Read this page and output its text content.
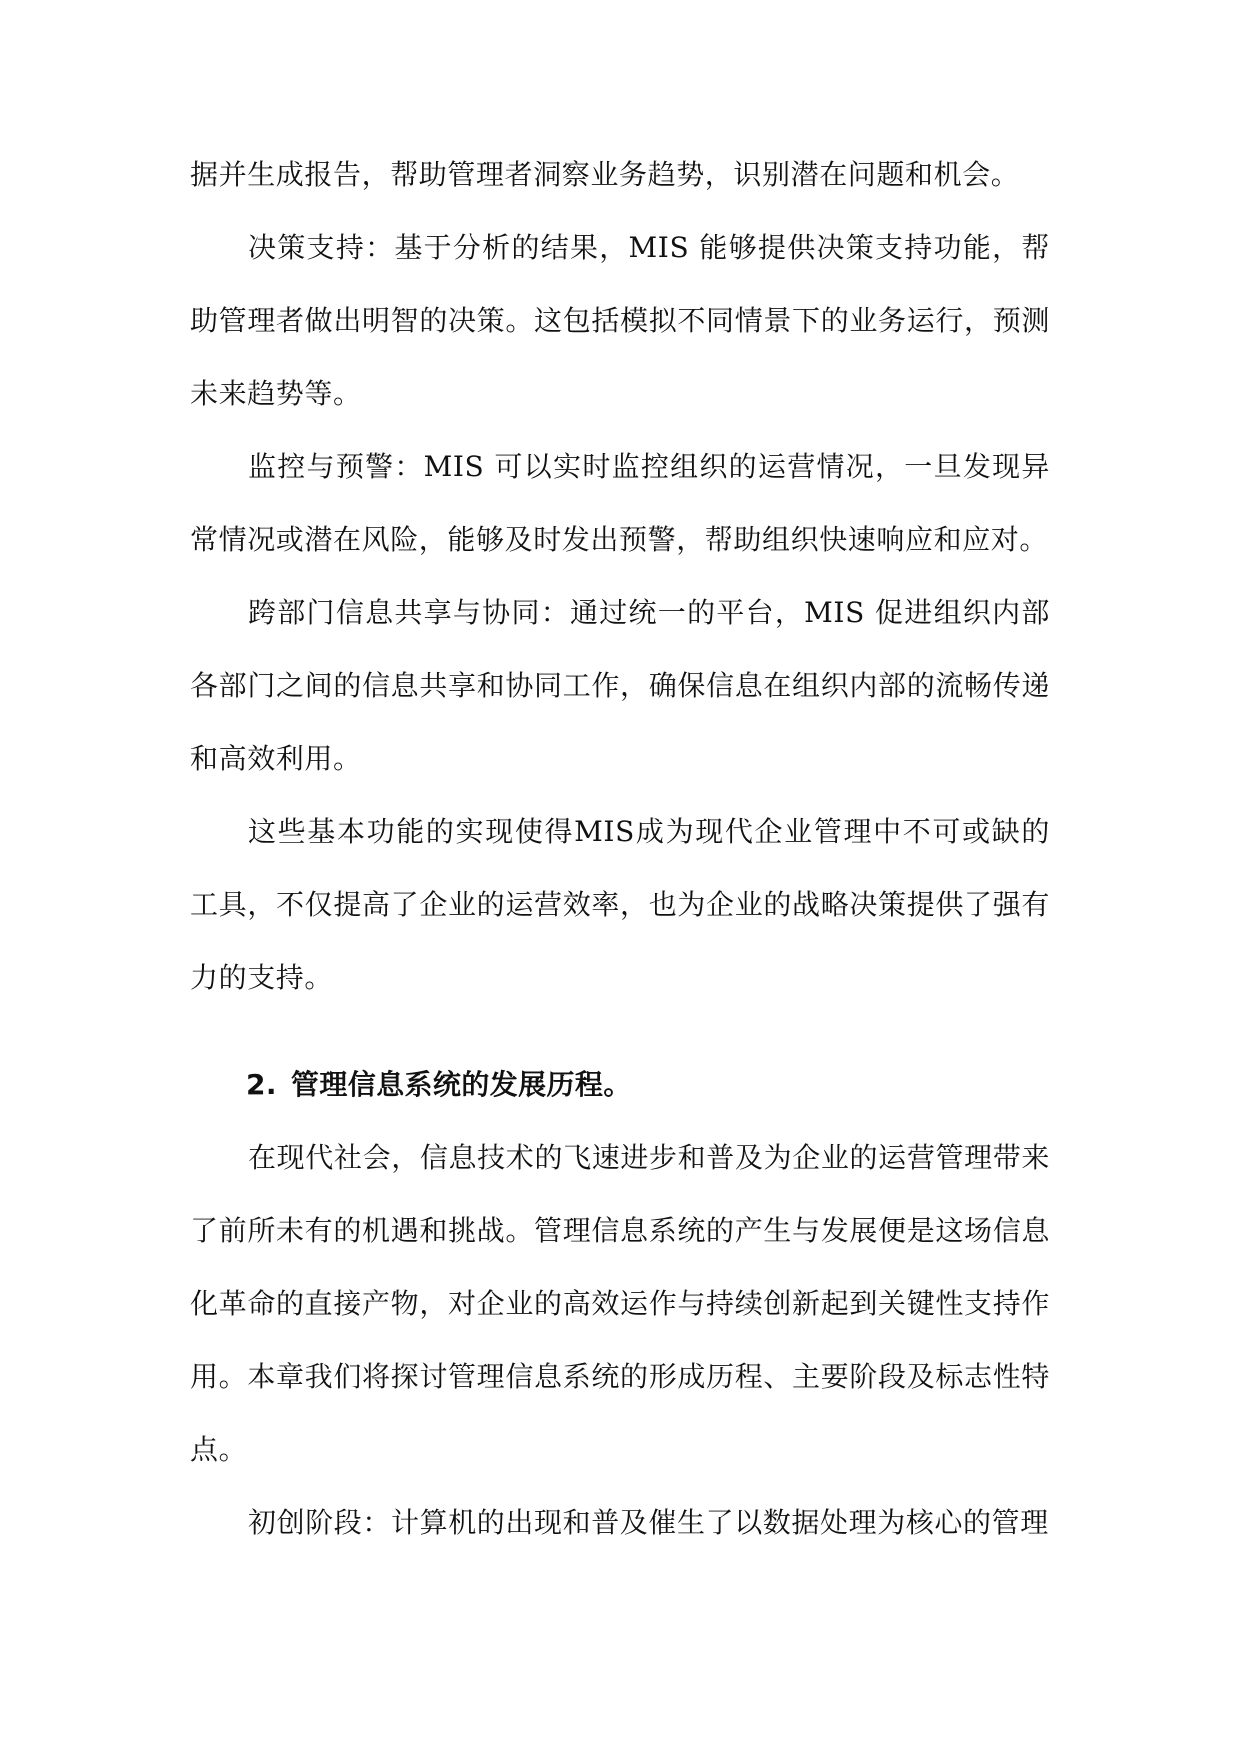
据并生成报告，帮助管理者洞察业务趋势，识别潜在问题和机会。

决策支持：基于分析的结果，MIS 能够提供决策支持功能，帮助管理者做出明智的决策。这包括模拟不同情景下的业务运行，预测未来趋势等。

监控与预警：MIS 可以实时监控组织的运营情况，一旦发现异常情况或潜在风险，能够及时发出预警，帮助组织快速响应和应对。

跨部门信息共享与协同：通过统一的平台，MIS 促进组织内部各部门之间的信息共享和协同工作，确保信息在组织内部的流畅传递和高效利用。

这些基本功能的实现使得MIS成为现代企业管理中不可或缺的工具，不仅提高了企业的运营效率，也为企业的战略决策提供了强有力的支持。

2. 管理信息系统的发展历程。

在现代社会，信息技术的飞速进步和普及为企业的运营管理带来了前所未有的机遇和挑战。管理信息系统的产生与发展便是这场信息化革命的直接产物，对企业的高效运作与持续创新起到关键性支持作用。本章我们将探讨管理信息系统的形成历程、主要阶段及标志性特点。

初创阶段：计算机的出现和普及催生了以数据处理为核心的管理
